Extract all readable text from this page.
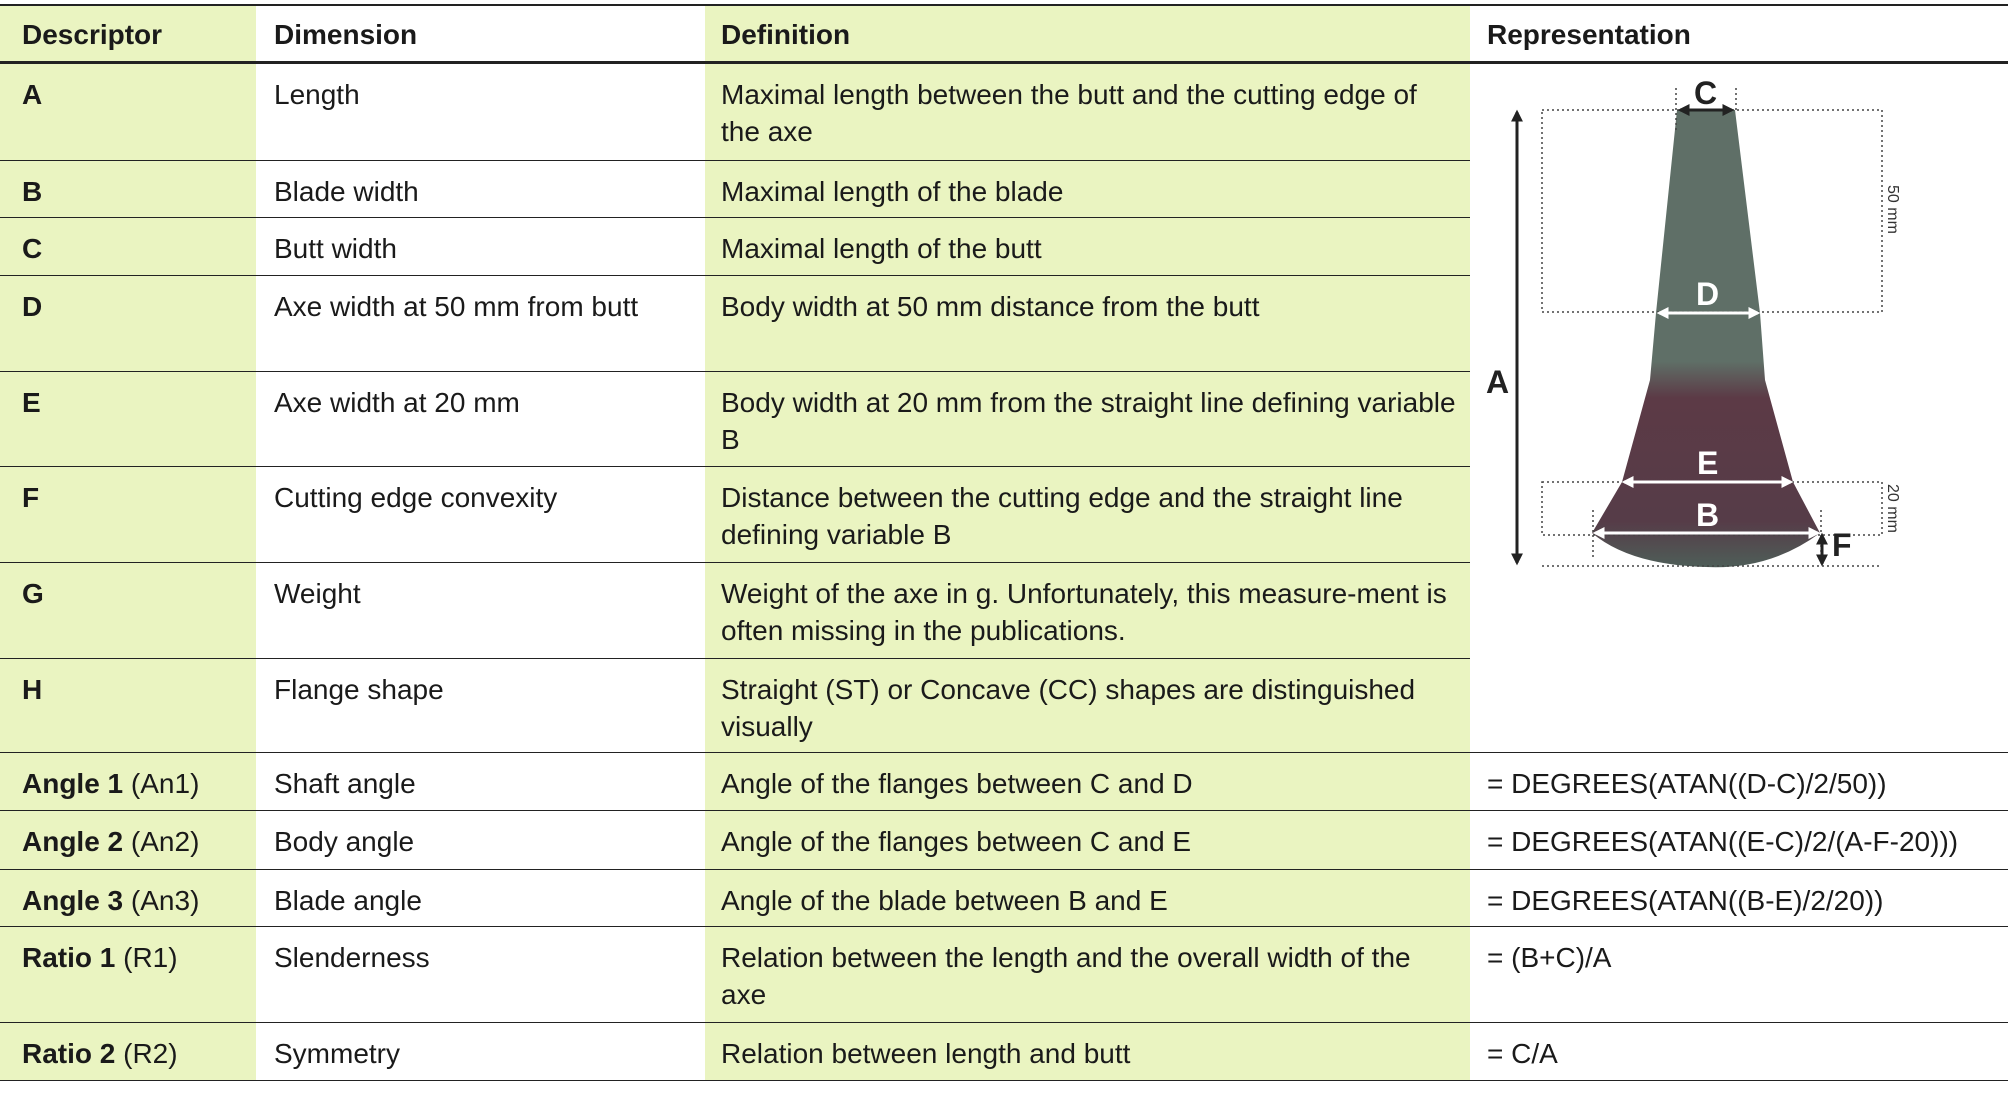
Descriptor	Dimension	Definition	Representation
A	Length	Maximal length between the butt and the cutting edge of the axe	
B	Blade width	Maximal length of the blade	
C	Butt width	Maximal length of the butt	
D	Axe width at 50 mm from butt	Body width at 50 mm distance from the butt	
E	Axe width at 20 mm	Body width at 20 mm from the straight line defining variable B	
F	Cutting edge convexity	Distance between the cutting edge and the straight line defining variable B	
G	Weight	Weight of the axe in g. Unfortunately, this measure-ment is often missing in the publications.	
H	Flange shape	Straight (ST) or Concave (CC) shapes are distinguished visually	
Angle 1 (An1)	Shaft angle	Angle of the flanges between C and D	= DEGREES(ATAN((D-C)/2/50))
Angle 2 (An2)	Body angle	Angle of the flanges between C and E	= DEGREES(ATAN((E-C)/2/(A-F-20)))
Angle 3 (An3)	Blade angle	Angle of the blade between B and E	= DEGREES(ATAN((B-E)/2/20))
Ratio 1 (R1)	Slenderness	Relation between the length and the overall width of the axe	= (B+C)/A
Ratio 2 (R2)	Symmetry	Relation between length and butt	= C/A
A
C
D
E
B
F
50 mm
20 mm
